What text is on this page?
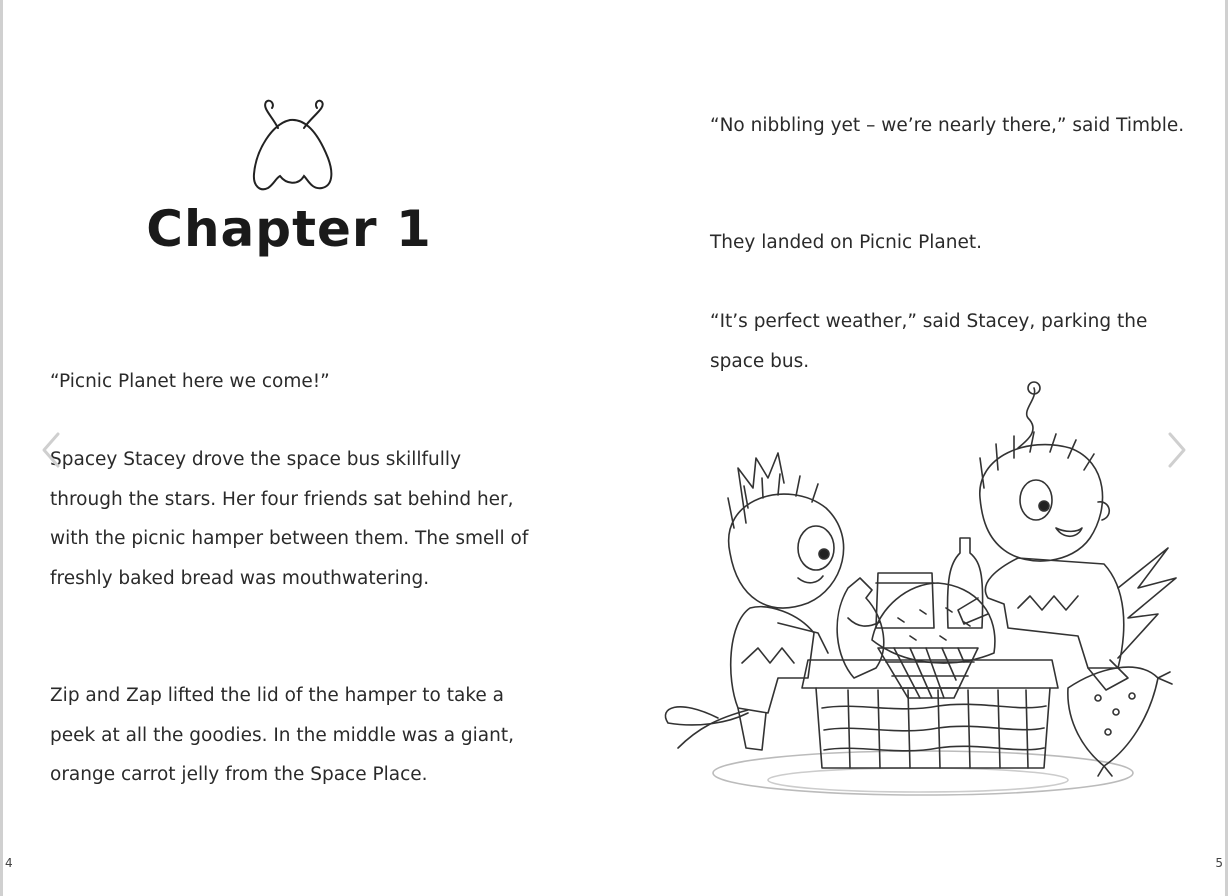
Chapter 1

“Picnic Planet here we come!”

Spacey Stacey drove the space bus skillfully through the stars. Her four friends sat behind her, with the picnic hamper between them. The smell of freshly baked bread was mouthwatering.

Zip and Zap lifted the lid of the hamper to take a peek at all the goodies. In the middle was a giant, orange carrot jelly from the Space Place.

4

“No nibbling yet – we’re nearly there,” said Timble.

They landed on Picnic Planet.

“It’s perfect weather,” said Stacey, parking the space bus.

5
